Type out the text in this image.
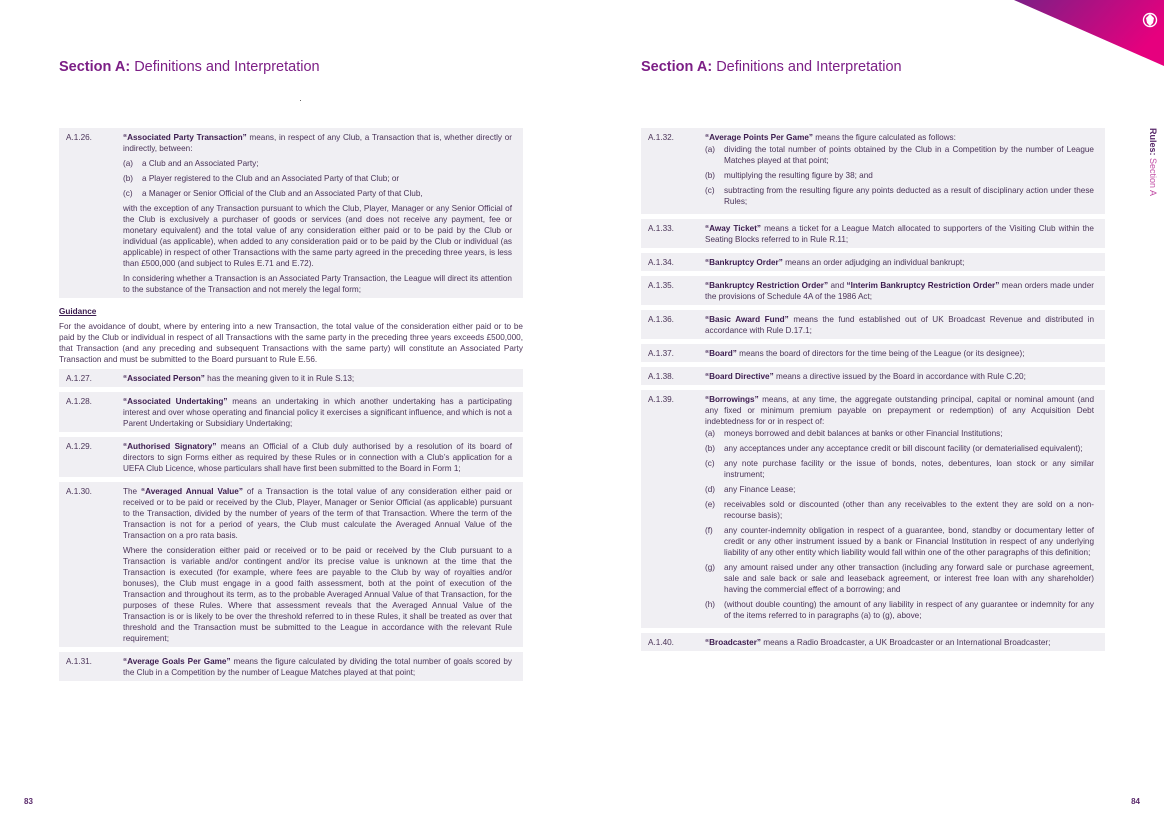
Section A: Definitions and Interpretation
A.1.26.	“Associated Party Transaction” means, in respect of any Club, a Transaction that is, whether directly or indirectly, between:

(a)	a Club and an Associated Party;
(b)	a Player registered to the Club and an Associated Party of that Club; or
(c)	a Manager or Senior Official of the Club and an Associated Party of that Club,

with the exception of any Transaction pursuant to which the Club, Player, Manager or any Senior Official of the Club is exclusively a purchaser of goods or services (and does not receive any payment, fee or monetary equivalent) and the total value of any consideration either paid or to be paid by the Club or individual (as applicable), when added to any consideration paid or to be paid by the Club or individual (as applicable) in respect of other Transactions with the same party agreed in the preceding three years, is less than £500,000 (and subject to Rules E.71 and E.72).

In considering whether a Transaction is an Associated Party Transaction, the League will direct its attention to the substance of the Transaction and not merely the legal form;

Guidance
For the avoidance of doubt, where by entering into a new Transaction, the total value of the consideration either paid or to be paid by the Club or individual in respect of all Transactions with the same party in the preceding three years exceeds £500,000, that Transaction (and any preceding and subsequent Transactions with the same party) will constitute an Associated Party Transaction and must be submitted to the Board pursuant to Rule E.56.
A.1.27.	“Associated Person” has the meaning given to it in Rule S.13;
A.1.28.	“Associated Undertaking” means an undertaking in which another undertaking has a participating interest and over whose operating and financial policy it exercises a significant influence, and which is not a Parent Undertaking or Subsidiary Undertaking;
A.1.29.	“Authorised Signatory” means an Official of a Club duly authorised by a resolution of its board of directors to sign Forms either as required by these Rules or in connection with a Club’s application for a UEFA Club Licence, whose particulars shall have first been submitted to the Board in Form 1;
A.1.30.	The “Averaged Annual Value” of a Transaction is the total value of any consideration either paid or received or to be paid or received by the Club, Player, Manager or Senior Official (as applicable) pursuant to the Transaction, divided by the number of years of the term of that Transaction. Where the term of the Transaction is not for a period of years, the Club must calculate the Averaged Annual Value of the Transaction on a pro rata basis.

Where the consideration either paid or received or to be paid or received by the Club pursuant to a Transaction is variable and/or contingent and/or its precise value is unknown at the time that the Transaction is executed (for example, where fees are payable to the Club by way of royalties and/or bonuses), the Club must engage in a good faith assessment, both at the point of execution of the Transaction and throughout its term, as to the probable Averaged Annual Value of that Transaction, for the purposes of these Rules. Where that assessment reveals that the Averaged Annual Value of the Transaction is or is likely to be over the threshold referred to in these Rules, it shall be treated as over that threshold and the Transaction must be submitted to the League in accordance with the relevant Rule requirement;

A.1.31.	“Average Goals Per Game” means the figure calculated by dividing the total number of goals scored by the Club in a Competition by the number of League Matches played at that point;
83
Section A: Definitions and Interpretation
Rules: Section A
A.1.32.	“Average Points Per Game” means the figure calculated as follows:

(a)	dividing the total number of points obtained by the Club in a Competition by the number of League Matches played at that point;
(b)	multiplying the resulting figure by 38; and
(c)	subtracting from the resulting figure any points deducted as a result of disciplinary action under these Rules;
A.1.33.	“Away Ticket” means a ticket for a League Match allocated to supporters of the Visiting Club within the Seating Blocks referred to in Rule R.11;
A.1.34.	“Bankruptcy Order” means an order adjudging an individual bankrupt;
A.1.35.	“Bankruptcy Restriction Order” and “Interim Bankruptcy Restriction Order” mean orders made under the provisions of Schedule 4A of the 1986 Act;
A.1.36.	“Basic Award Fund” means the fund established out of UK Broadcast Revenue and distributed in accordance with Rule D.17.1;
A.1.37.	“Board” means the board of directors for the time being of the League (or its designee);
A.1.38.	“Board Directive” means a directive issued by the Board in accordance with Rule C.20;
A.1.39.	“Borrowings” means, at any time, the aggregate outstanding principal, capital or nominal amount (and any fixed or minimum premium payable on prepayment or redemption) of any Acquisition Debt indebtedness for or in respect of:

(a)	moneys borrowed and debit balances at banks or other Financial Institutions;
(b)	any acceptances under any acceptance credit or bill discount facility (or dematerialised equivalent);
(c)	any note purchase facility or the issue of bonds, notes, debentures, loan stock or any similar instrument;
(d)	any Finance Lease;
(e)	receivables sold or discounted (other than any receivables to the extent they are sold on a non-recourse basis);
(f)	any counter-indemnity obligation in respect of a guarantee, bond, standby or documentary letter of credit or any other instrument issued by a bank or Financial Institution in respect of any underlying liability of any other entity which liability would fall within one of the other paragraphs of this definition;
(g)	any amount raised under any other transaction (including any forward sale or purchase agreement, sale and sale back or sale and leaseback agreement, or interest free loan with any shareholder) having the commercial effect of a borrowing; and
(h)	(without double counting) the amount of any liability in respect of any guarantee or indemnity for any of the items referred to in paragraphs (a) to (g), above;
A.1.40.	“Broadcaster” means a Radio Broadcaster, a UK Broadcaster or an International Broadcaster;
84
